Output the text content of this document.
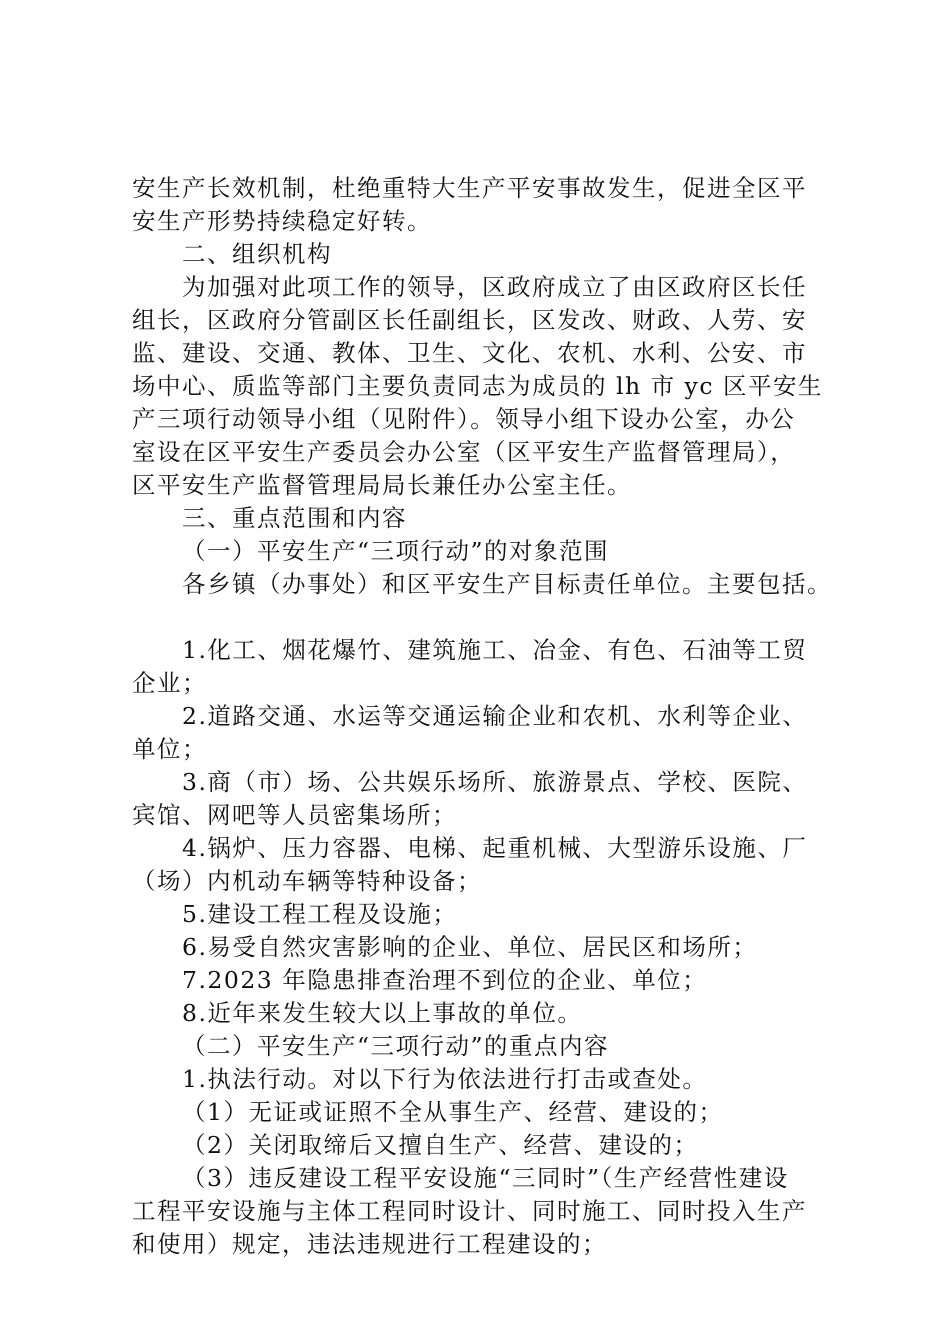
安生产长效机制，杜绝重特大生产平安事故发生，促进全区平
安生产形势持续稳定好转。
二、组织机构
为加强对此项工作的领导，区政府成立了由区政府区长任
组长，区政府分管副区长任副组长，区发改、财政、人劳、安
监、建设、交通、教体、卫生、文化、农机、水利、公安、市
场中心、质监等部门主要负责同志为成员的 lh 市 yc 区平安生
产三项行动领导小组（见附件）。领导小组下设办公室，办公
室设在区平安生产委员会办公室（区平安生产监督管理局），
区平安生产监督管理局局长兼任办公室主任。
三、重点范围和内容
（一）平安生产“三项行动”的对象范围
各乡镇（办事处）和区平安生产目标责任单位。主要包括。
1.化工、烟花爆竹、建筑施工、冶金、有色、石油等工贸
企业；
2.道路交通、水运等交通运输企业和农机、水利等企业、
单位；
3.商（市）场、公共娱乐场所、旅游景点、学校、医院、
宾馆、网吧等人员密集场所；
4.锅炉、压力容器、电梯、起重机械、大型游乐设施、厂
（场）内机动车辆等特种设备；
5.建设工程工程及设施；
6.易受自然灾害影响的企业、单位、居民区和场所；
7.2023 年隐患排查治理不到位的企业、单位；
8.近年来发生较大以上事故的单位。
（二）平安生产“三项行动”的重点内容
1.执法行动。对以下行为依法进行打击或查处。
（1）无证或证照不全从事生产、经营、建设的；
（2）关闭取缔后又擅自生产、经营、建设的；
（3）违反建设工程平安设施“三同时”（生产经营性建设
工程平安设施与主体工程同时设计、同时施工、同时投入生产
和使用）规定，违法违规进行工程建设的；
